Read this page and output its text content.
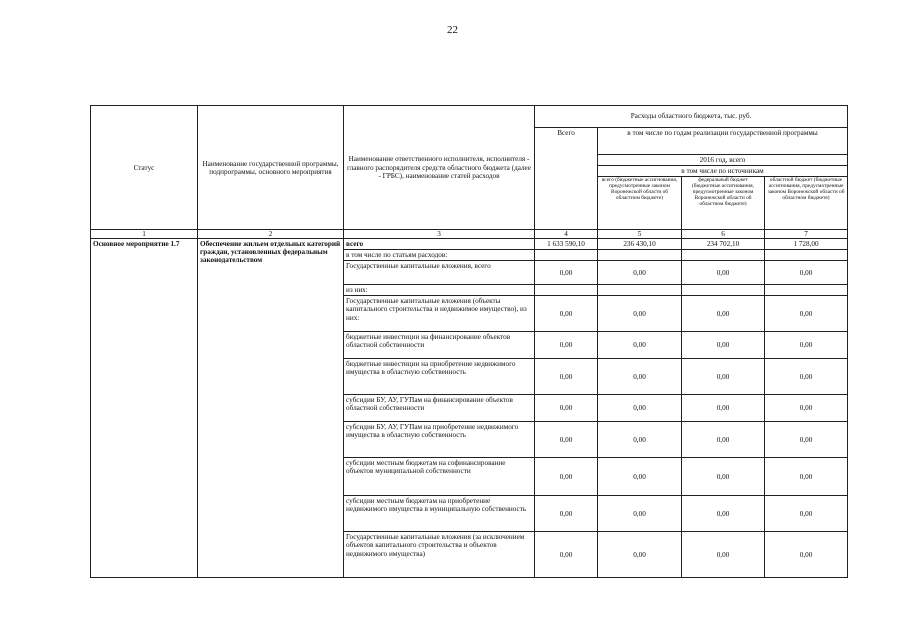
22
Статус	Наименование государственной программы, подпрограммы, основного мероприятия	Наименование ответственного исполнителя, исполнителя - главного распорядителя средств областного бюджета (далее - ГРБС), наименование статей расходов	Расходы областного бюджета, тыс. руб.			
			Всего	в том числе по годам реализации государственной программы		
				2016 год, всего		
				в том числе по источникам		
				всего (бюджетные ассигнования, предусмотренные законом Воронежской области об областном бюджете)	федеральный бюджет (бюджетные ассигнования, предусмотренные законом Воронежской области об областном бюджете)	областной бюджет (бюджетные ассигнования, предусмотренные законом Воронежской области об областном бюджете)
1	2	3	4	5	6	7
Основное мероприятие 1.7	Обеспечение жильем отдельных категорий граждан, установленных федеральным законодательством	всего	1 633 590,10	236 430,10	234 702,10	1 728,00
		в том числе по статьям расходов:				
		Государственные капитальные вложения, всего	0,00	0,00	0,00	0,00
		из них:				
		Государственные капитальные вложения (объекты капитального строительства и недвижимое имущество), из них:	0,00	0,00	0,00	0,00
		бюджетные инвестиции на финансирование объектов областной собственности	0,00	0,00	0,00	0,00
		бюджетные инвестиции на приобретение недвижимого имущества в областную собственность	0,00	0,00	0,00	0,00
		субсидии БУ, АУ, ГУПам на финансирование объектов областной собственности	0,00	0,00	0,00	0,00
		субсидии БУ, АУ, ГУПам на приобретение недвижимого имущества в областную собственность	0,00	0,00	0,00	0,00
		субсидии местным бюджетам на софинансирование объектов муниципальной собственности	0,00	0,00	0,00	0,00
		субсидии местным бюджетам на приобретение недвижимого имущества в муниципальную собственность	0,00	0,00	0,00	0,00
		Государственные капитальные вложения (за исключением объектов капитального строительства и объектов недвижимого имущества)	0,00	0,00	0,00	0,00
